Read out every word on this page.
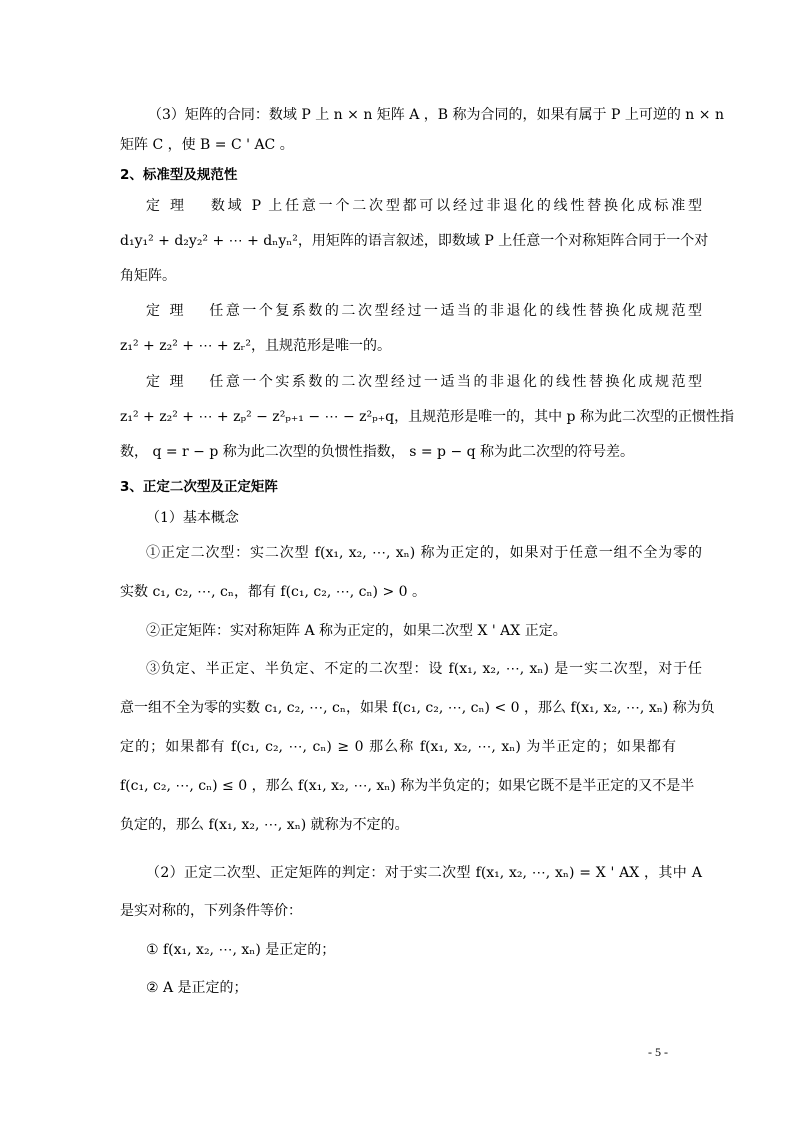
（3）矩阵的合同：数域 P 上 n × n 矩阵 A ，B 称为合同的，如果有属于 P 上可逆的 n × n
矩阵 C ，使 B = C ' AC 。
2、标准型及规范性
定 理　 数域 P 上任意一个二次型都可以经过非退化的线性替换化成标准型
d₁y₁² + d₂y₂² + ⋯ + dₙyₙ²，用矩阵的语言叙述，即数域 P 上任意一个对称矩阵合同于一个对
角矩阵。
定 理　 任意一个复系数的二次型经过一适当的非退化的线性替换化成规范型
z₁² + z₂² + ⋯ + zᵣ²，且规范形是唯一的。
定 理　 任意一个实系数的二次型经过一适当的非退化的线性替换化成规范型
z₁² + z₂² + ⋯ + zₚ² − z²ₚ₊₁ − ⋯ − z²ₚ₊q，且规范形是唯一的，其中 p 称为此二次型的正惯性指
数， q = r − p 称为此二次型的负惯性指数， s = p − q 称为此二次型的符号差。
3、正定二次型及正定矩阵
（1）基本概念
①正定二次型：实二次型 f(x₁, x₂, ⋯, xₙ) 称为正定的，如果对于任意一组不全为零的
实数 c₁, c₂, ⋯, cₙ，都有 f(c₁, c₂, ⋯, cₙ) > 0 。
②正定矩阵：实对称矩阵 A 称为正定的，如果二次型 X ' AX 正定。
③负定、半正定、半负定、不定的二次型：设 f(x₁, x₂, ⋯, xₙ) 是一实二次型，对于任
意一组不全为零的实数 c₁, c₂, ⋯, cₙ，如果 f(c₁, c₂, ⋯, cₙ) < 0 ，那么 f(x₁, x₂, ⋯, xₙ) 称为负
定的；如果都有 f(c₁, c₂, ⋯, cₙ) ≥ 0 那么称 f(x₁, x₂, ⋯, xₙ) 为半正定的；如果都有
f(c₁, c₂, ⋯, cₙ) ≤ 0 ，那么 f(x₁, x₂, ⋯, xₙ) 称为半负定的；如果它既不是半正定的又不是半
负定的，那么 f(x₁, x₂, ⋯, xₙ) 就称为不定的。
（2）正定二次型、正定矩阵的判定：对于实二次型 f(x₁, x₂, ⋯, xₙ) = X ' AX ，其中 A
是实对称的，下列条件等价：
① f(x₁, x₂, ⋯, xₙ) 是正定的；
② A 是正定的；
- 5 -
